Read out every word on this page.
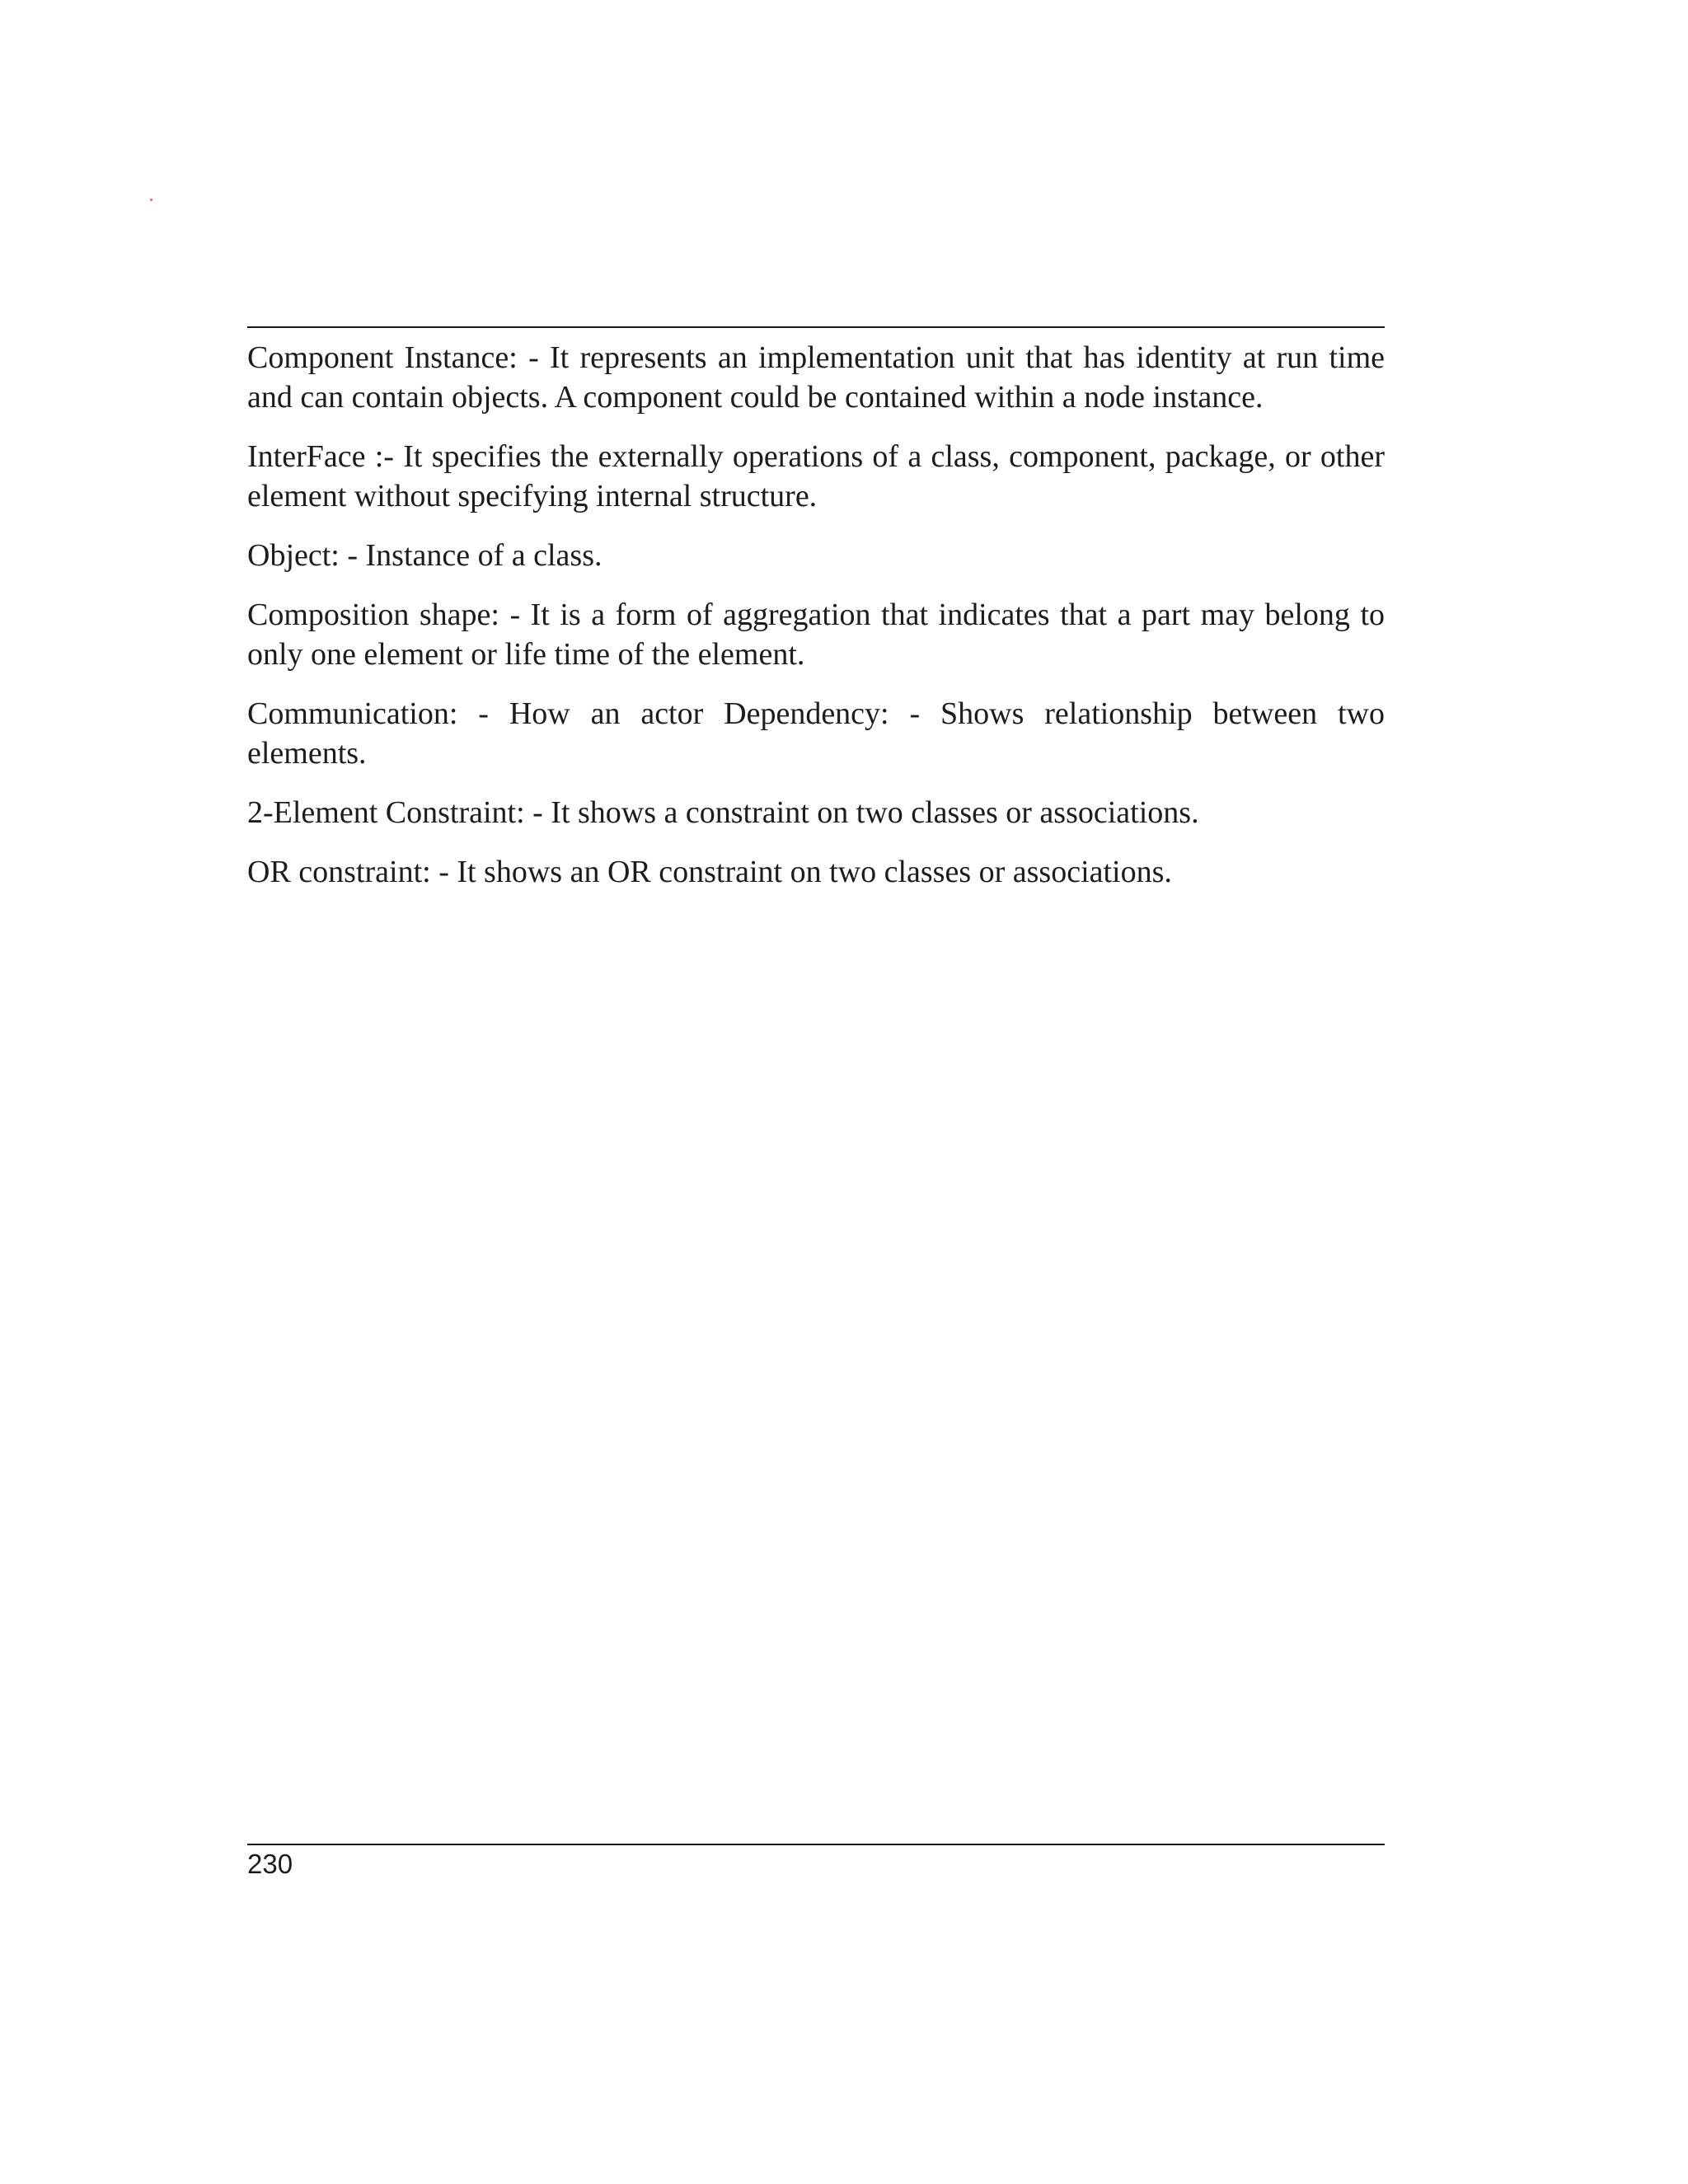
Component Instance: - It represents an implementation unit that has identity at run time and can contain objects. A component could be contained within a node instance.

InterFace :- It specifies the externally operations of a class, component, package, or other element without specifying internal structure.

Object: - Instance of a class.

Composition shape: - It is a form of aggregation that indicates that a part may belong to only one element or life time of the element.

Communication: - How an actor Dependency: - Shows relationship between two elements.

2-Element Constraint: - It shows a constraint on two classes or associations.

OR constraint: - It shows an OR constraint on two classes or associations.

230
